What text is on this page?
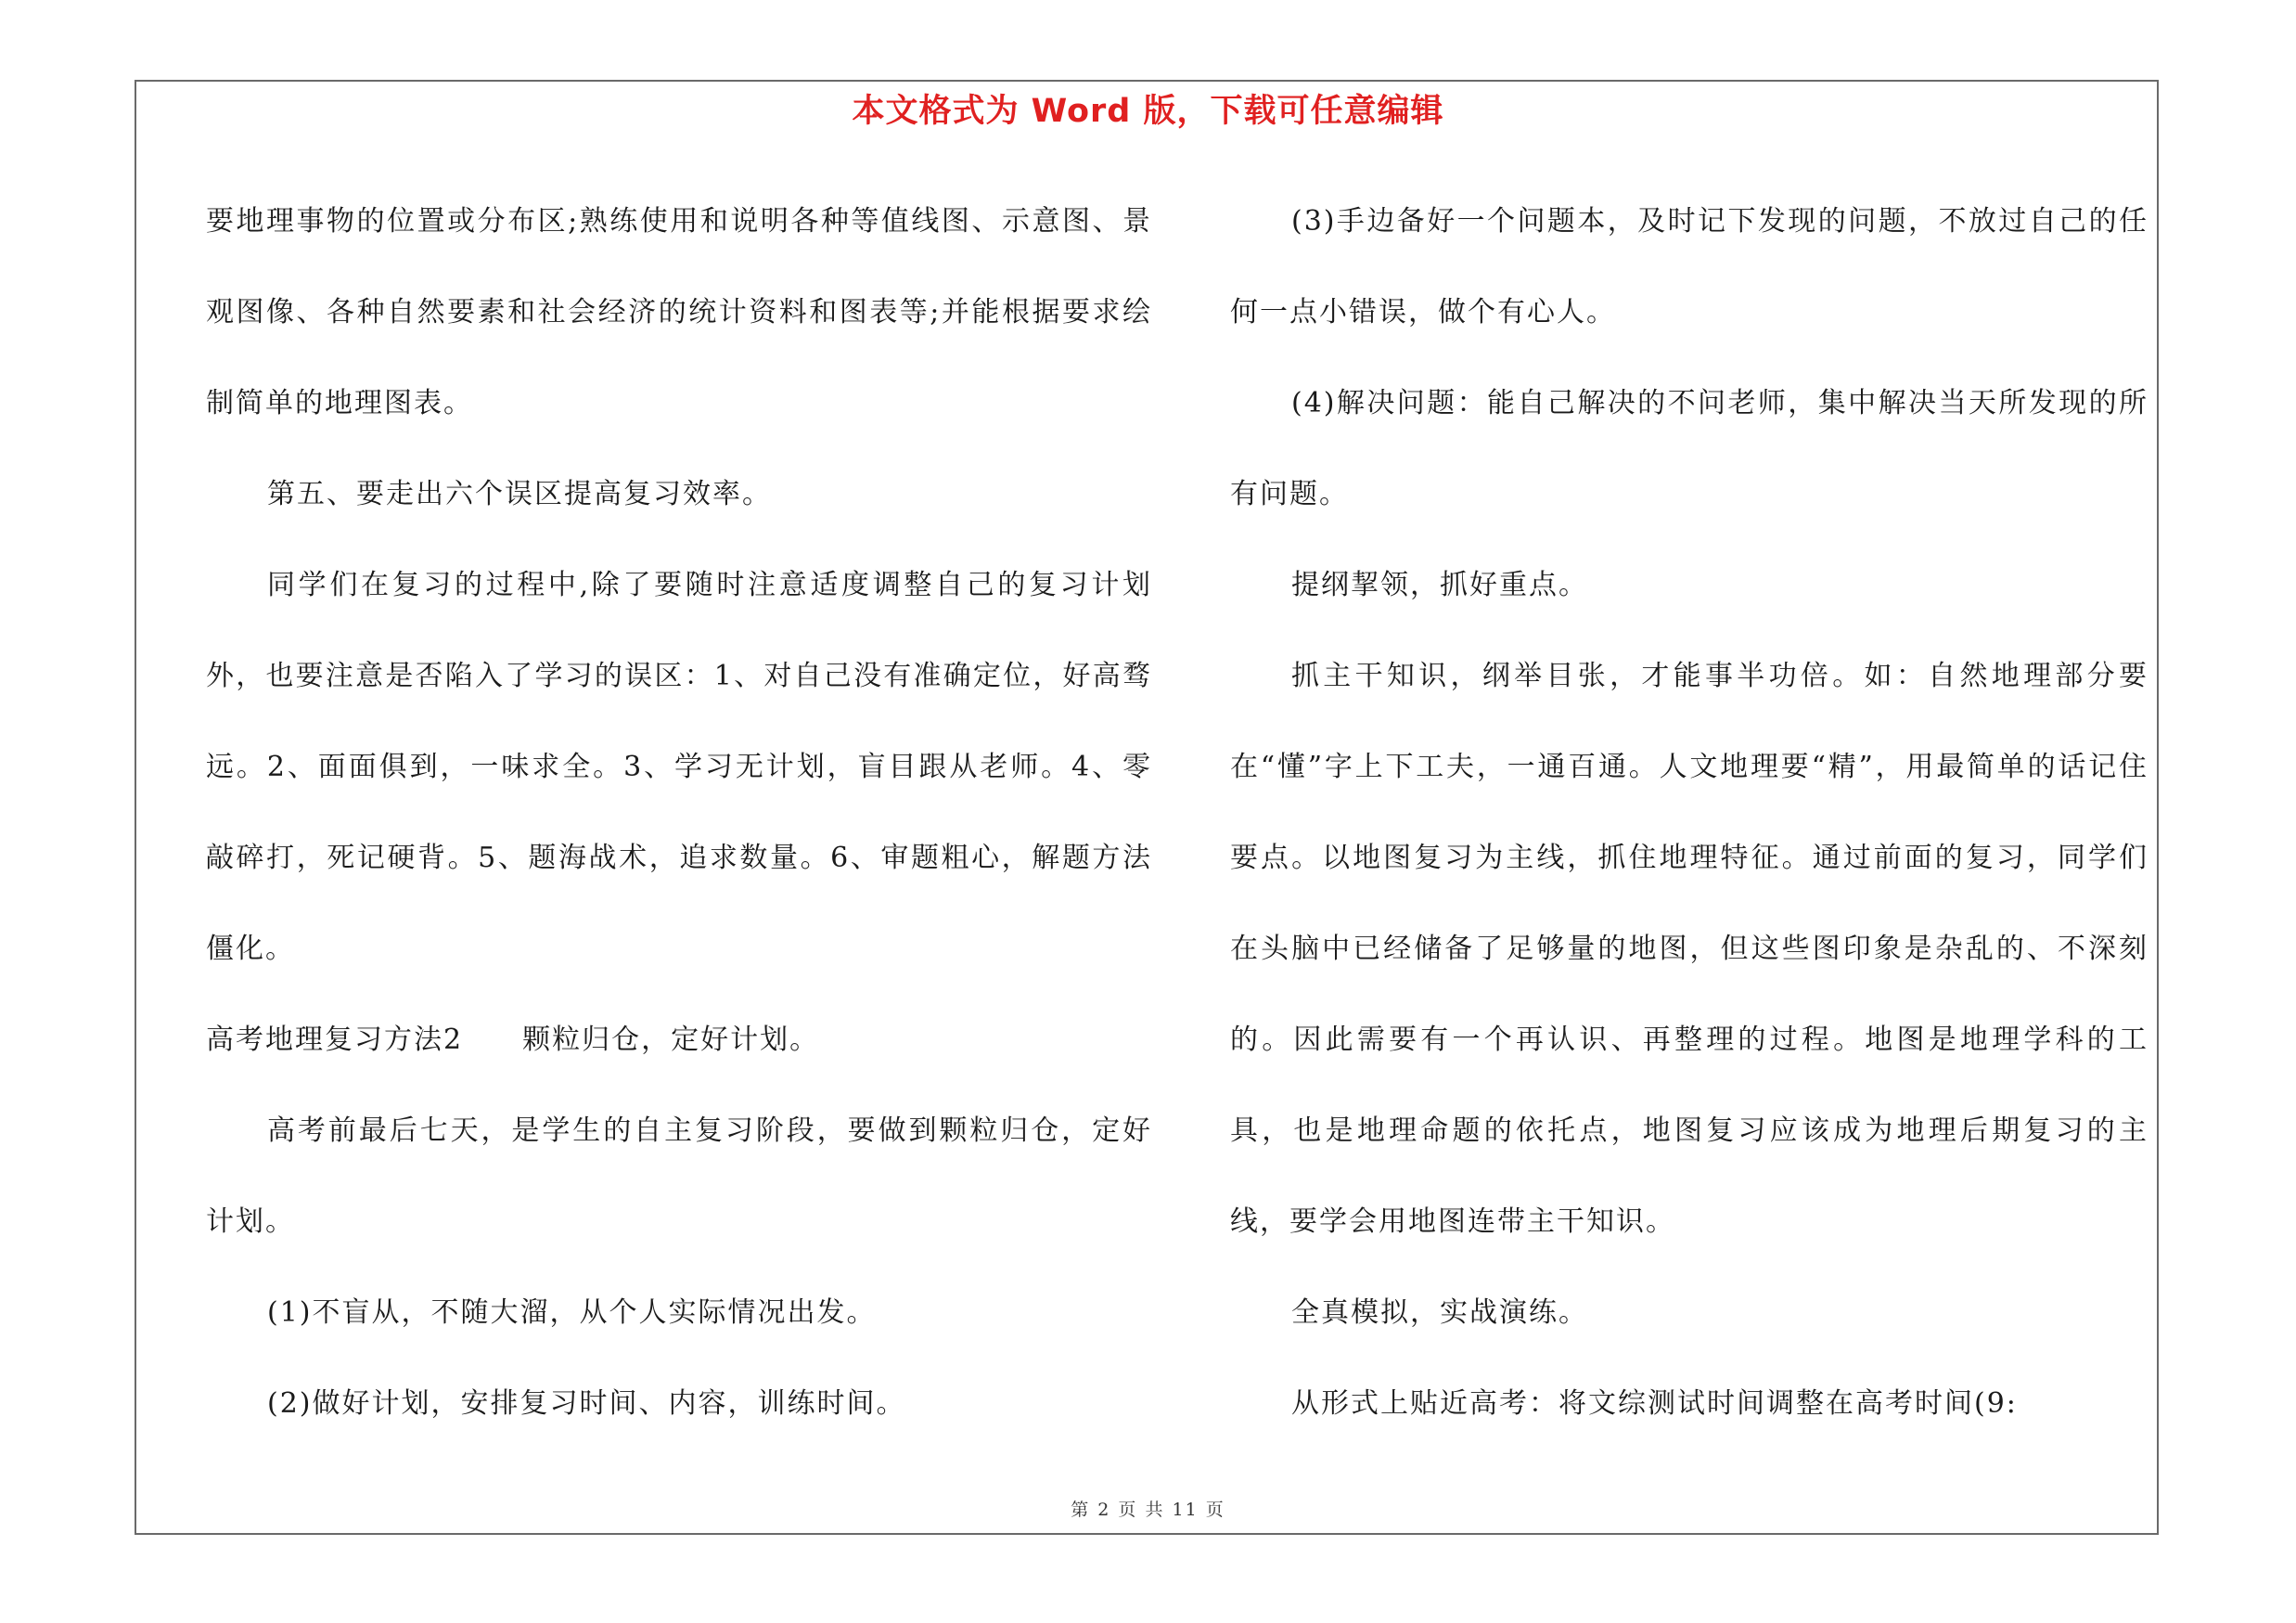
本文格式为 Word 版，下载可任意编辑

要地理事物的位置或分布区;熟练使用和说明各种等值线图、示意图、景观图像、各种自然要素和社会经济的统计资料和图表等;并能根据要求绘制简单的地理图表。

第五、要走出六个误区提高复习效率。

同学们在复习的过程中,除了要随时注意适度调整自己的复习计划外，也要注意是否陷入了学习的误区：1、对自己没有准确定位，好高骛远。2、面面俱到，一味求全。3、学习无计划，盲目跟从老师。4、零敲碎打，死记硬背。5、题海战术，追求数量。6、审题粗心，解题方法僵化。

高考地理复习方法2　　颗粒归仓，定好计划。

高考前最后七天，是学生的自主复习阶段，要做到颗粒归仓，定好计划。

(1)不盲从，不随大溜，从个人实际情况出发。

(2)做好计划，安排复习时间、内容，训练时间。

(3)手边备好一个问题本，及时记下发现的问题，不放过自己的任何一点小错误，做个有心人。

(4)解决问题：能自己解决的不问老师，集中解决当天所发现的所有问题。

提纲挈领，抓好重点。

抓主干知识，纲举目张，才能事半功倍。如：自然地理部分要在“懂”字上下工夫，一通百通。人文地理要“精”，用最简单的话记住要点。以地图复习为主线，抓住地理特征。通过前面的复习，同学们在头脑中已经储备了足够量的地图，但这些图印象是杂乱的、不深刻的。因此需要有一个再认识、再整理的过程。地图是地理学科的工具，也是地理命题的依托点，地图复习应该成为地理后期复习的主线，要学会用地图连带主干知识。

全真模拟，实战演练。

从形式上贴近高考：将文综测试时间调整在高考时间(9:

第 2 页 共 11 页
